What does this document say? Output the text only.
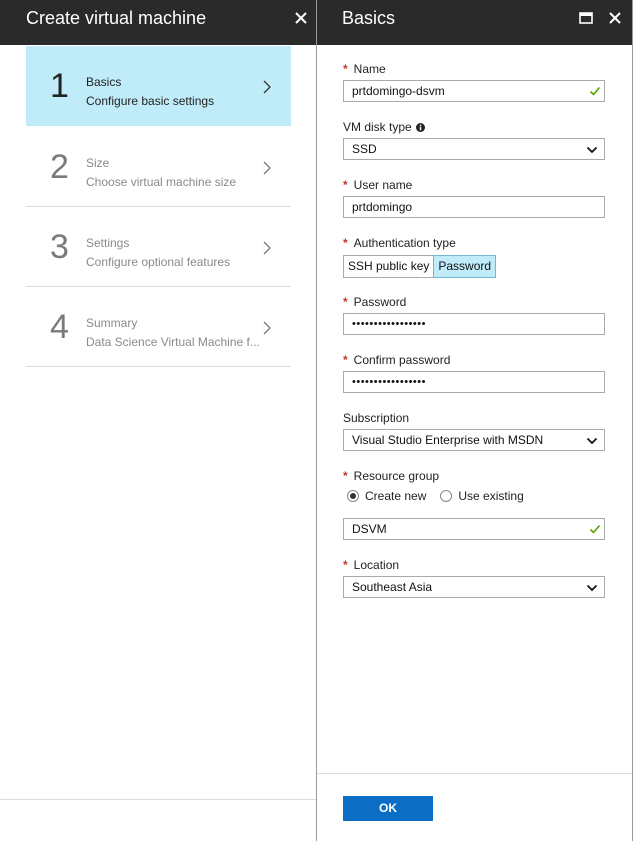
Create virtual machine
1 Basics
Configure basic settings
2 Size
Choose virtual machine size
3 Settings
Configure optional features
4 Summary
Data Science Virtual Machine f...
Basics
* Name
prtdomingo-dsvm
VM disk type
SSD
* User name
prtdomingo
* Authentication type
SSH public key Password
* Password
•••••••••••••••••
* Confirm password
•••••••••••••••••
Subscription
Visual Studio Enterprise with MSDN
* Resource group
Create new	Use existing
DSVM
* Location
Southeast Asia
OK
